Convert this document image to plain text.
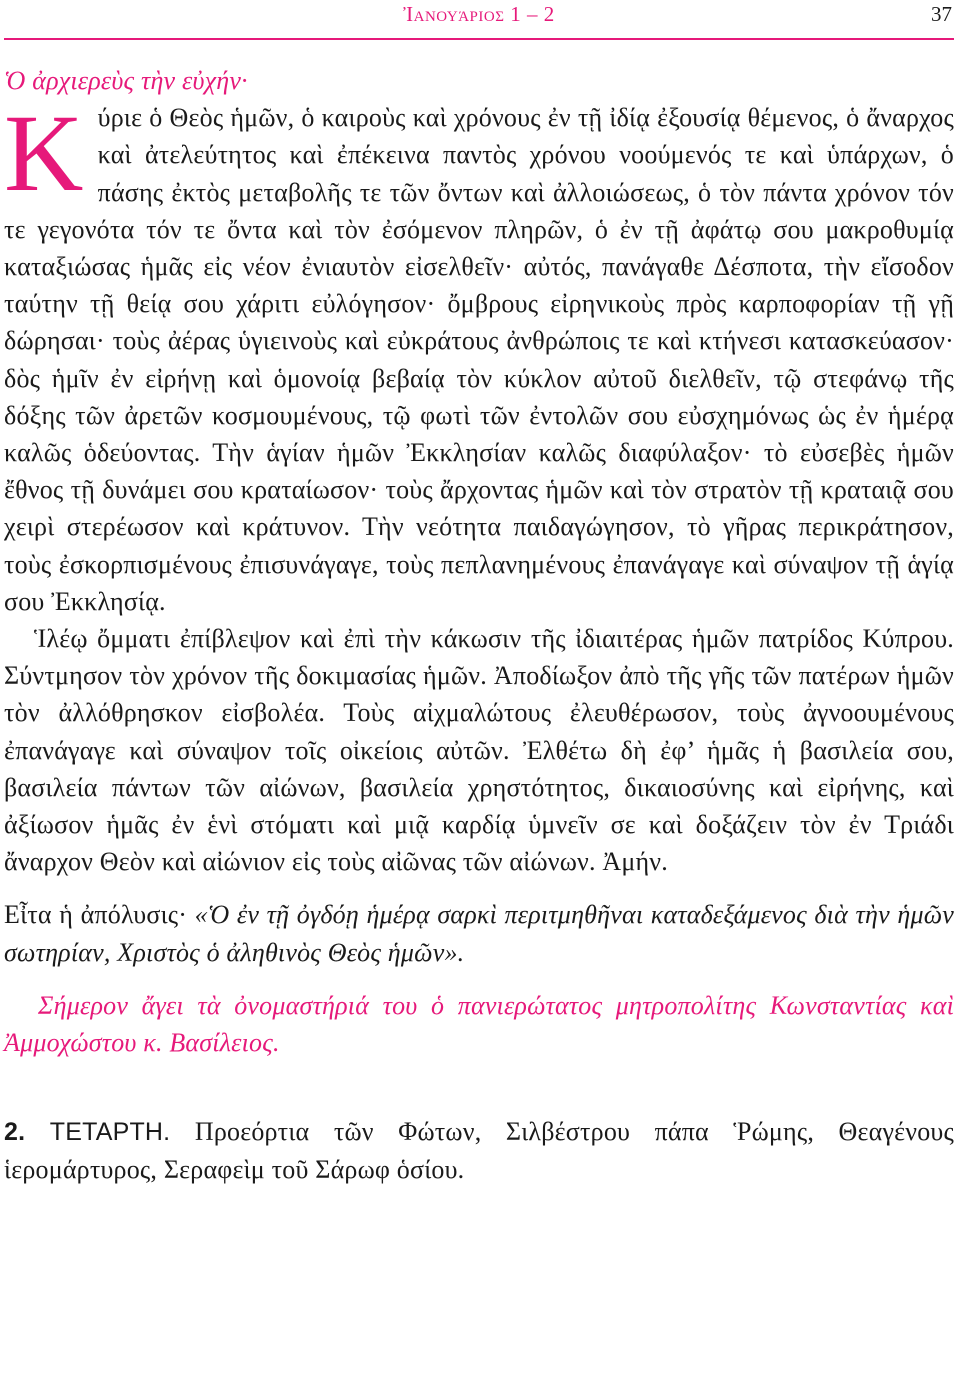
Ἰανουάριος 1 – 2	37

Ὁ ἀρχιερεὺς τὴν εὐχήν·

Κύριε ὁ Θεὸς ἡμῶν, ὁ καιροὺς καὶ χρόνους ἐν τῇ ἰδίᾳ ἐξουσίᾳ θέμενος, ὁ ἄναρχος καὶ ἀτελεύτητος καὶ ἐπέκεινα παντὸς χρόνου νοούμενός τε καὶ ὑπάρχων, ὁ πάσης ἐκτὸς μεταβολῆς τε τῶν ὄντων καὶ ἀλλοιώσεως, ὁ τὸν πάντα χρόνον τόν τε γεγονότα τόν τε ὄντα καὶ τὸν ἐσόμενον πληρῶν, ὁ ἐν τῇ ἀφάτῳ σου μακροθυμίᾳ καταξιώσας ἡμᾶς εἰς νέον ἐνιαυτὸν εἰσελθεῖν· αὐτός, πανάγαθε Δέσποτα, τὴν εἴσοδον ταύτην τῇ θείᾳ σου χάριτι εὐλόγησον· ὄμβρους εἰρηνικοὺς πρὸς καρποφορίαν τῇ γῇ δώρησαι· τοὺς ἀέρας ὑγιεινοὺς καὶ εὐκράτους ἀνθρώποις τε καὶ κτήνεσι κατασκεύασον· δὸς ἡμῖν ἐν εἰρήνῃ καὶ ὁμονοίᾳ βεβαίᾳ τὸν κύκλον αὐτοῦ διελθεῖν, τῷ στεφάνῳ τῆς δόξης τῶν ἀρετῶν κοσμουμένους, τῷ φωτὶ τῶν ἐντολῶν σου εὐσχημόνως ὡς ἐν ἡμέρᾳ καλῶς ὁδεύοντας. Τὴν ἁγίαν ἡμῶν Ἐκκλησίαν καλῶς διαφύλαξον· τὸ εὐσεβὲς ἡμῶν ἔθνος τῇ δυνάμει σου κραταίωσον· τοὺς ἄρχοντας ἡμῶν καὶ τὸν στρατὸν τῇ κραταιᾷ σου χειρὶ στερέωσον καὶ κράτυνον. Τὴν νεότητα παιδαγώγησον, τὸ γῆρας περικράτησον, τοὺς ἐσκορπισμένους ἐπισυνάγαγε, τοὺς πεπλανημένους ἐπανάγαγε καὶ σύναψον τῇ ἁγίᾳ σου Ἐκκλησίᾳ.

Ἱλέῳ ὄμματι ἐπίβλεψον καὶ ἐπὶ τὴν κάκωσιν τῆς ἰδιαιτέρας ἡμῶν πατρίδος Κύπρου. Σύντμησον τὸν χρόνον τῆς δοκιμασίας ἡμῶν. Ἀποδίωξον ἀπὸ τῆς γῆς τῶν πατέρων ἡμῶν τὸν ἀλλόθρησκον εἰσβολέα. Τοὺς αἰχμαλώτους ἐλευθέρωσον, τοὺς ἀγνοουμένους ἐπανάγαγε καὶ σύναψον τοῖς οἰκείοις αὐτῶν. Ἐλθέτω δὴ ἐφ’ ἡμᾶς ἡ βασιλεία σου, βασιλεία πάντων τῶν αἰώνων, βασιλεία χρηστότητος, δικαιοσύνης καὶ εἰρήνης, καὶ ἀξίωσον ἡμᾶς ἐν ἑνὶ στόματι καὶ μιᾷ καρδίᾳ ὑμνεῖν σε καὶ δοξάζειν τὸν ἐν Τριάδι ἄναρχον Θεὸν καὶ αἰώνιον εἰς τοὺς αἰῶνας τῶν αἰώνων. Ἀμήν.

Εἶτα ἡ ἀπόλυσις· «Ὁ ἐν τῇ ὀγδόῃ ἡμέρᾳ σαρκὶ περιτμηθῆναι καταδεξάμενος διὰ τὴν ἡμῶν σωτηρίαν, Χριστὸς ὁ ἀληθινὸς Θεὸς ἡμῶν».

Σήμερον ἄγει τὰ ὀνομαστήριά του ὁ πανιερώτατος μητροπολίτης Κωνσταντίας καὶ Ἀμμοχώστου κ. Βασίλειος.

2. ΤΕΤΑΡΤΗ. Προεόρτια τῶν Φώτων, Σιλβέστρου πάπα Ῥώμης, Θεαγένους ἱερομάρτυρος, Σεραφεὶμ τοῦ Σάρωφ ὁσίου.
